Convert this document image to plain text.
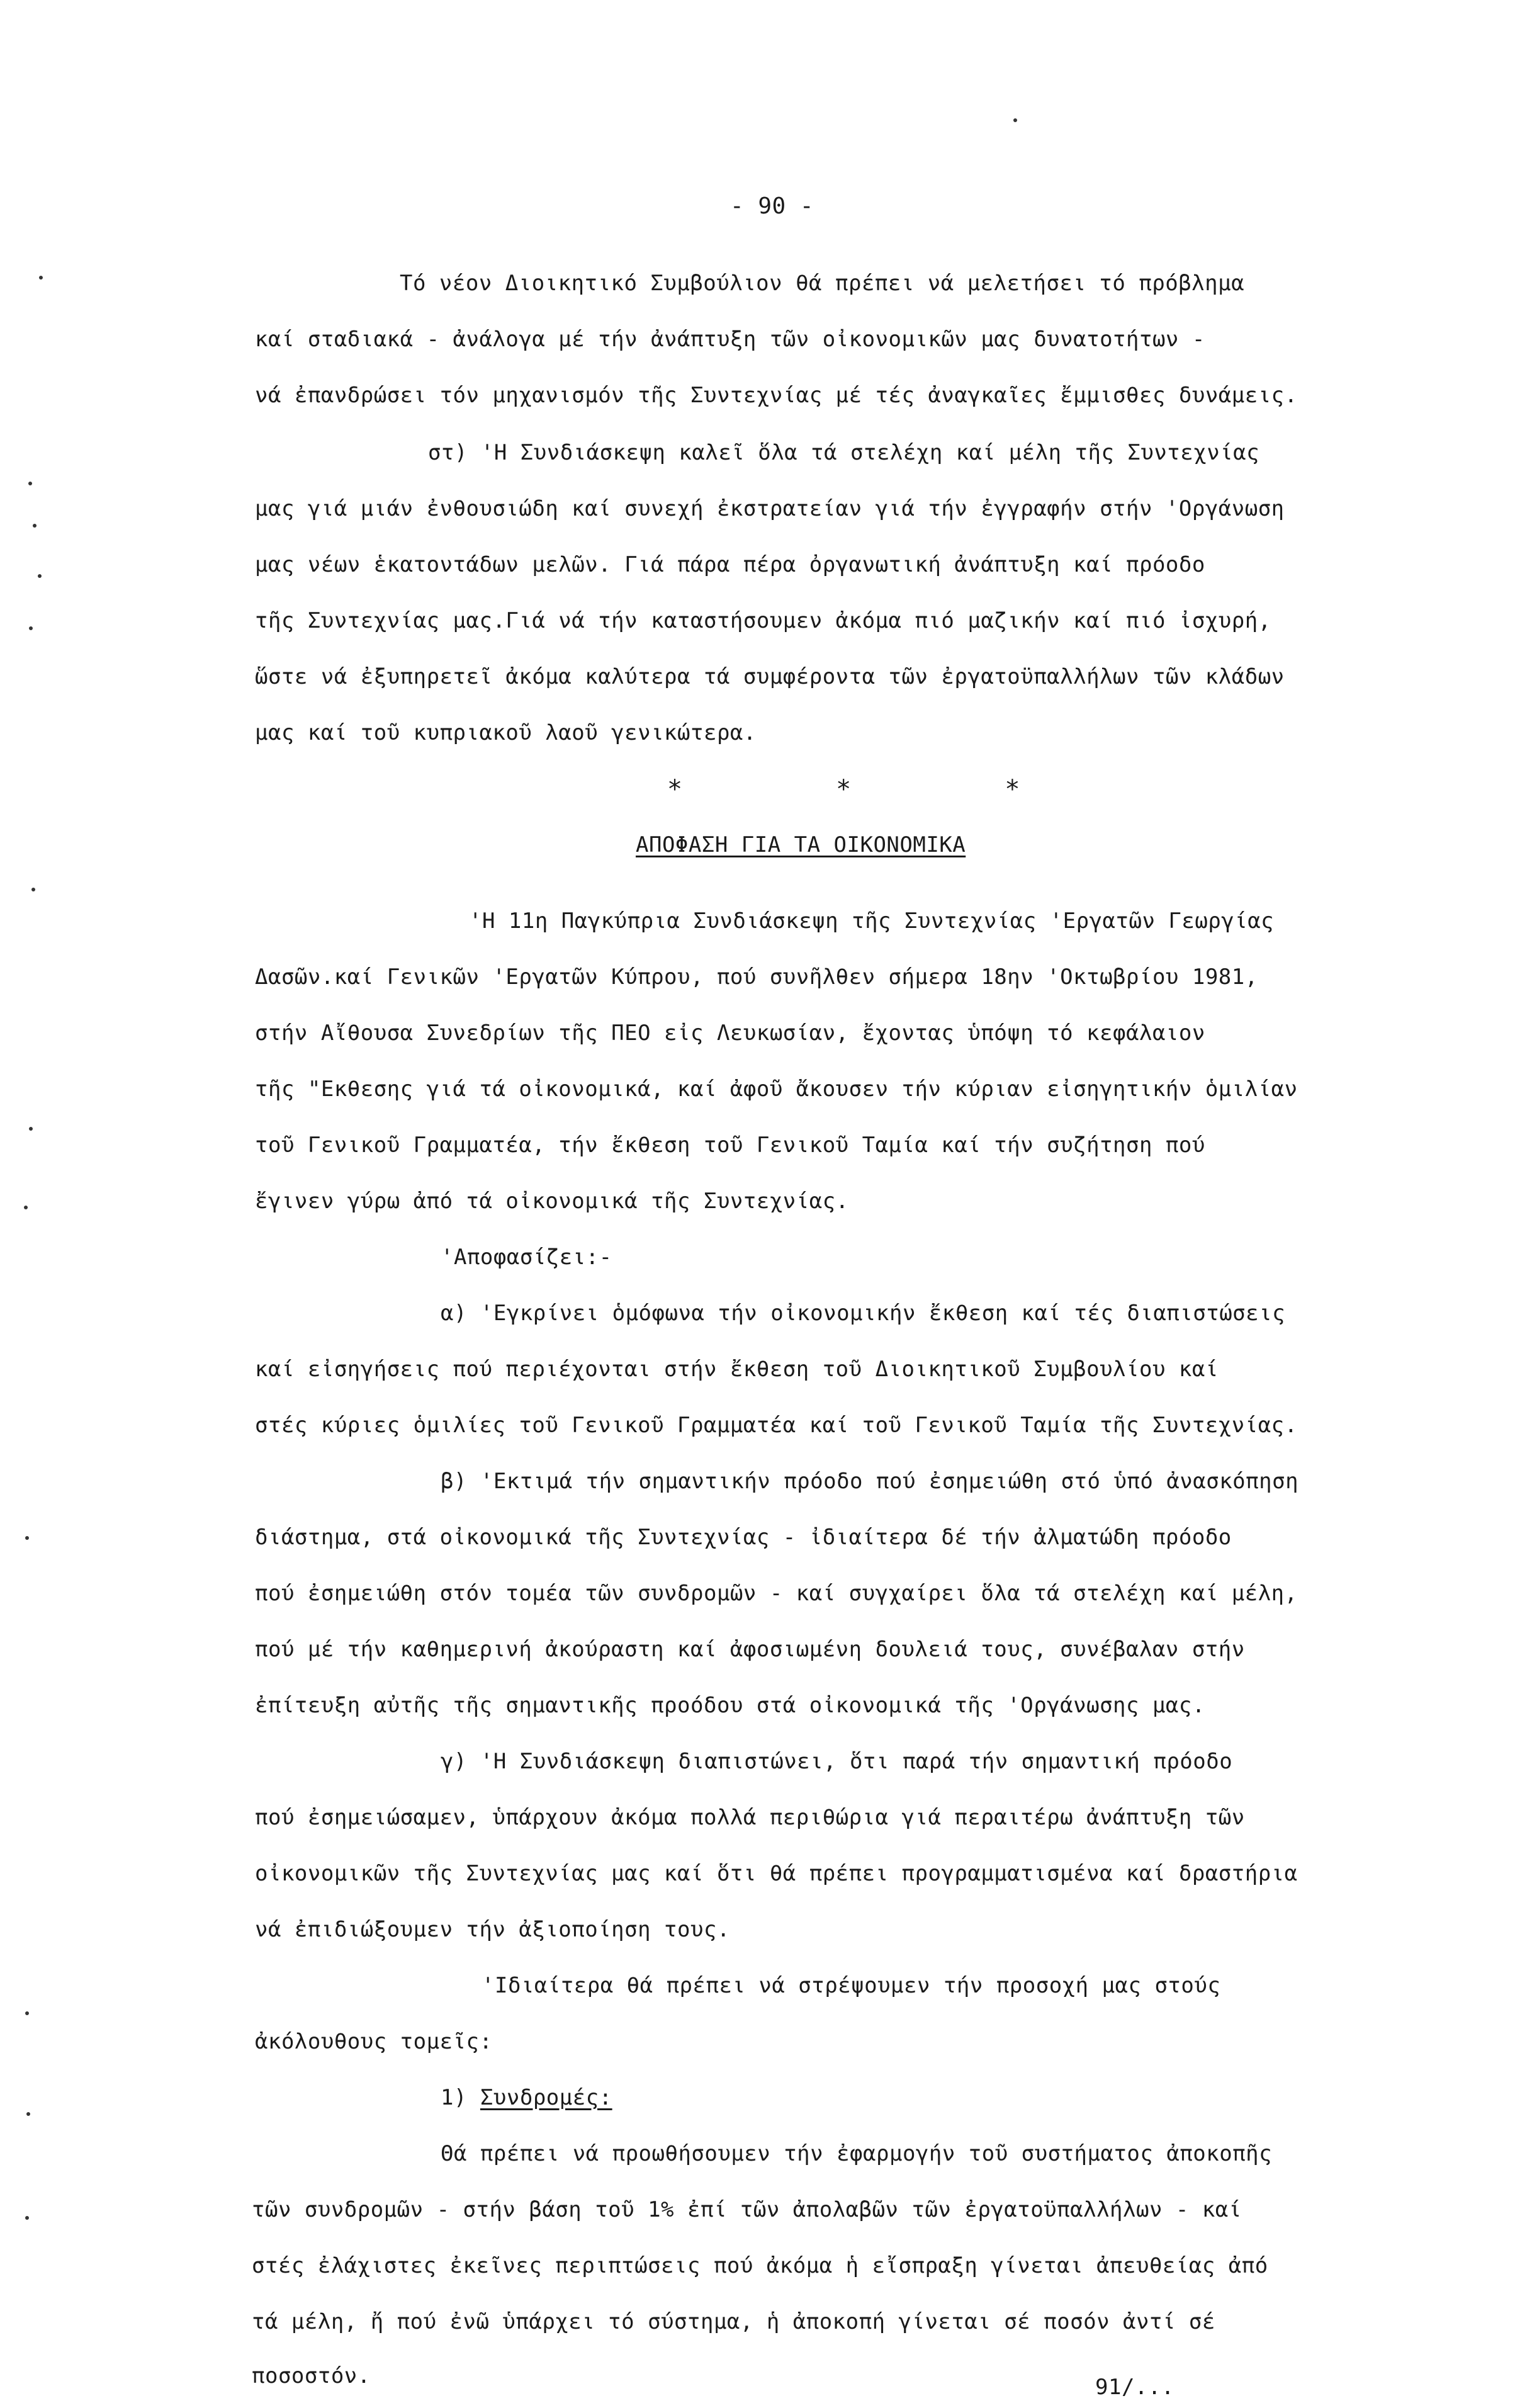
- 90 -
Τό νέον Διοικητικό Συμβούλιον θά πρέπει νά μελετήσει τό πρόβλημα
καί σταδιακά - ἀνάλογα μέ τήν ἀνάπτυξη τῶν οἰκονομικῶν μας δυνατοτήτων -
νά ἐπανδρώσει τόν μηχανισμόν τῆς Συντεχνίας μέ τές ἀναγκαῖες ἔμμισθες δυνάμεις.
στ) 'Η Συνδιάσκεψη καλεῖ ὅλα τά στελέχη καί μέλη τῆς Συντεχνίας
μας γιά μιάν ἐνθουσιώδη καί συνεχή ἐκστρατείαν γιά τήν ἐγγραφήν στήν 'Οργάνωση
μας νέων ἑκατοντάδων μελῶν. Γιά πάρα πέρα ὀργανωτική ἀνάπτυξη καί πρόοδο
τῆς Συντεχνίας μας.Γιά νά τήν καταστήσουμεν ἀκόμα πιό μαζικήν καί πιό ἰσχυρή,
ὥστε νά ἐξυπηρετεῖ ἀκόμα καλύτερα τά συμφέροντα τῶν ἐργατοϋπαλλήλων τῶν κλάδων
μας καί τοῦ κυπριακοῦ λαοῦ γενικώτερα.
* * *
ΑΠΟΦΑΣΗ ΓΙΑ ΤΑ ΟΙΚΟΝΟΜΙΚΑ
'Η 11η Παγκύπρια Συνδιάσκεψη τῆς Συντεχνίας 'Εργατῶν Γεωργίας
Δασῶν.καί Γενικῶν 'Εργατῶν Κύπρου, πού συνῆλθεν σήμερα 18ην 'Οκτωβρίου 1981,
στήν Αἴθουσα Συνεδρίων τῆς ΠΕΟ εἰς Λευκωσίαν, ἔχοντας ὑπόψη τό κεφάλαιον
τῆς "Εκθεσης γιά τά οἰκονομικά, καί ἀφοῦ ἄκουσεν τήν κύριαν εἰσηγητικήν ὁμιλίαν
τοῦ Γενικοῦ Γραμματέα, τήν ἔκθεση τοῦ Γενικοῦ Ταμία καί τήν συζήτηση πού
ἔγινεν γύρω ἀπό τά οἰκονομικά τῆς Συντεχνίας.
'Αποφασίζει:-
α) 'Εγκρίνει ὁμόφωνα τήν οἰκονομικήν ἔκθεση καί τές διαπιστώσεις
καί εἰσηγήσεις πού περιέχονται στήν ἔκθεση τοῦ Διοικητικοῦ Συμβουλίου καί
στές κύριες ὁμιλίες τοῦ Γενικοῦ Γραμματέα καί τοῦ Γενικοῦ Ταμία τῆς Συντεχνίας.
β) 'Εκτιμά τήν σημαντικήν πρόοδο πού ἐσημειώθη στό ὑπό ἀνασκόπηση
διάστημα, στά οἰκονομικά τῆς Συντεχνίας - ἰδιαίτερα δέ τήν ἀλματώδη πρόοδο
πού ἐσημειώθη στόν τομέα τῶν συνδρομῶν - καί συγχαίρει ὅλα τά στελέχη καί μέλη,
πού μέ τήν καθημερινή ἀκούραστη καί ἀφοσιωμένη δουλειά τους, συνέβαλαν στήν
ἐπίτευξη αὐτῆς τῆς σημαντικῆς προόδου στά οἰκονομικά τῆς 'Οργάνωσης μας.
γ) 'Η Συνδιάσκεψη διαπιστώνει, ὅτι παρά τήν σημαντική πρόοδο
πού ἐσημειώσαμεν, ὑπάρχουν ἀκόμα πολλά περιθώρια γιά περαιτέρω ἀνάπτυξη τῶν
οἰκονομικῶν τῆς Συντεχνίας μας καί ὅτι θά πρέπει προγραμματισμένα καί δραστήρια
νά ἐπιδιώξουμεν τήν ἀξιοποίηση τους.
'Ιδιαίτερα θά πρέπει νά στρέψουμεν τήν προσοχή μας στούς
ἀκόλουθους τομεῖς:
1) Συνδρομές:
Θά πρέπει νά προωθήσουμεν τήν ἐφαρμογήν τοῦ συστήματος ἀποκοπῆς
τῶν συνδρομῶν - στήν βάση τοῦ 1% ἐπί τῶν ἀπολαβῶν τῶν ἐργατοϋπαλλήλων - καί
στές ἐλάχιστες ἐκεῖνες περιπτώσεις πού ἀκόμα ἡ εἴσπραξη γίνεται ἀπευθείας ἀπό
τά μέλη, ἤ πού ἐνῶ ὑπάρχει τό σύστημα, ἡ ἀποκοπή γίνεται σέ ποσόν ἀντί σέ
ποσοστόν.	91/...
